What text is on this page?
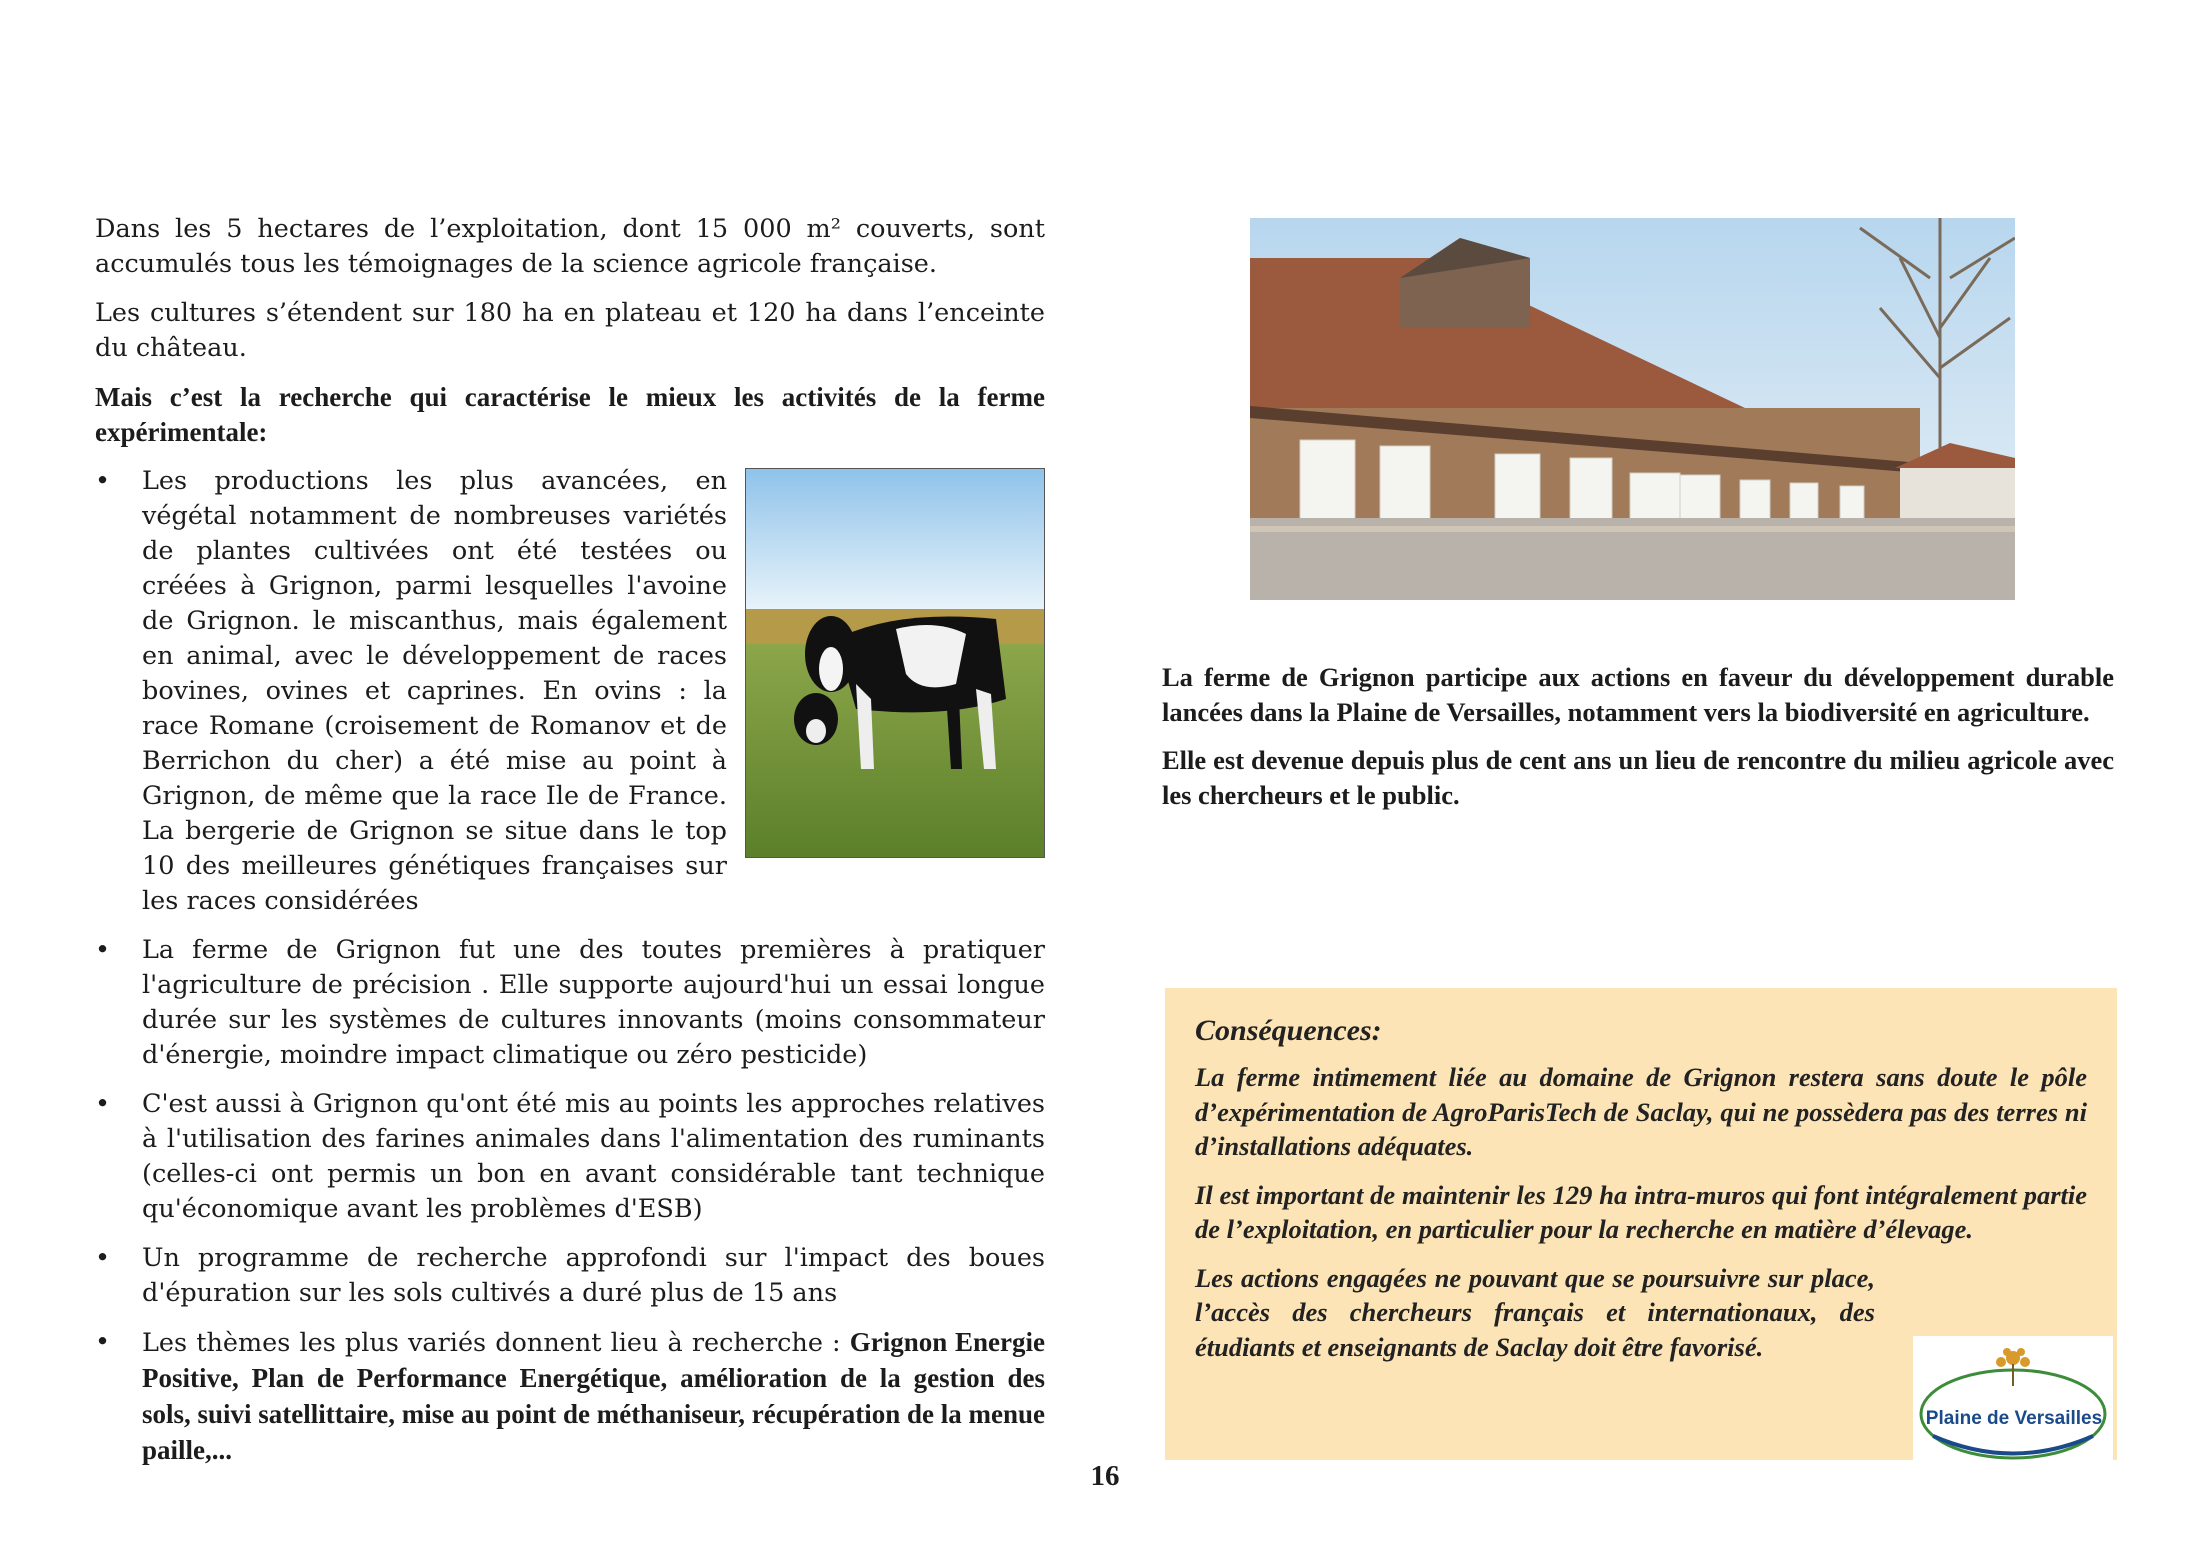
Dans les 5 hectares de l’exploitation, dont 15 000 m² couverts, sont accumulés tous les témoignages de la science agricole française.

Les cultures s’étendent sur 180 ha en plateau et 120 ha dans l’enceinte du château.

Mais c’est la recherche qui caractérise le mieux les activités de la ferme expérimentale:

• Les productions les plus avancées, en végétal notamment de nombreuses variétés de plantes cultivées ont été testées ou créées à Grignon, parmi lesquelles l'avoine de Grignon. le miscanthus, mais également en animal, avec le développement de races bovines, ovines et caprines. En ovins : la race Romane (croisement de Romanov et de Berrichon du cher) a été mise au point à Grignon, de même que la race Ile de France. La bergerie de Grignon se situe dans le top 10 des meilleures génétiques françaises sur les races considérées
• La ferme de Grignon fut une des toutes premières à pratiquer l'agriculture de précision . Elle supporte aujourd'hui un essai longue durée sur les systèmes de cultures innovants (moins consommateur d'énergie, moindre impact climatique ou zéro pesticide)
• C'est aussi à Grignon qu'ont été mis au points les approches relatives à l'utilisation des farines animales dans l'alimentation des ruminants (celles-ci ont permis un bon en avant considérable tant technique qu'économique avant les problèmes d'ESB)
• Un programme de recherche approfondi sur l'impact des boues d'épuration sur les sols cultivés a duré plus de 15 ans
• Les thèmes les plus variés donnent lieu à recherche : Grignon Energie Positive, Plan de Performance Energétique, amélioration de la gestion des sols, suivi satellittaire, mise au point de méthaniseur, récupération de la menue paille,...

La ferme de Grignon participe aux actions en faveur du développement durable lancées dans la Plaine de Versailles, notamment vers la biodiversité en agriculture.

Elle est devenue depuis plus de cent ans un lieu de rencontre du milieu agricole avec les chercheurs et le public.

Conséquences:

La ferme intimement liée au domaine de Grignon restera sans doute le pôle d’expérimentation de AgroParisTech de Saclay, qui ne possèdera pas des terres ni d’installations adéquates.

Il est important de maintenir les 129 ha intra-muros qui font intégralement partie de l’exploitation, en particulier pour la recherche en matière d’élevage.

Les actions engagées ne pouvant que se poursuivre sur place, l’accès des chercheurs français et internationaux, des étudiants et enseignants de Saclay doit être favorisé.

Plaine de Versailles
16
